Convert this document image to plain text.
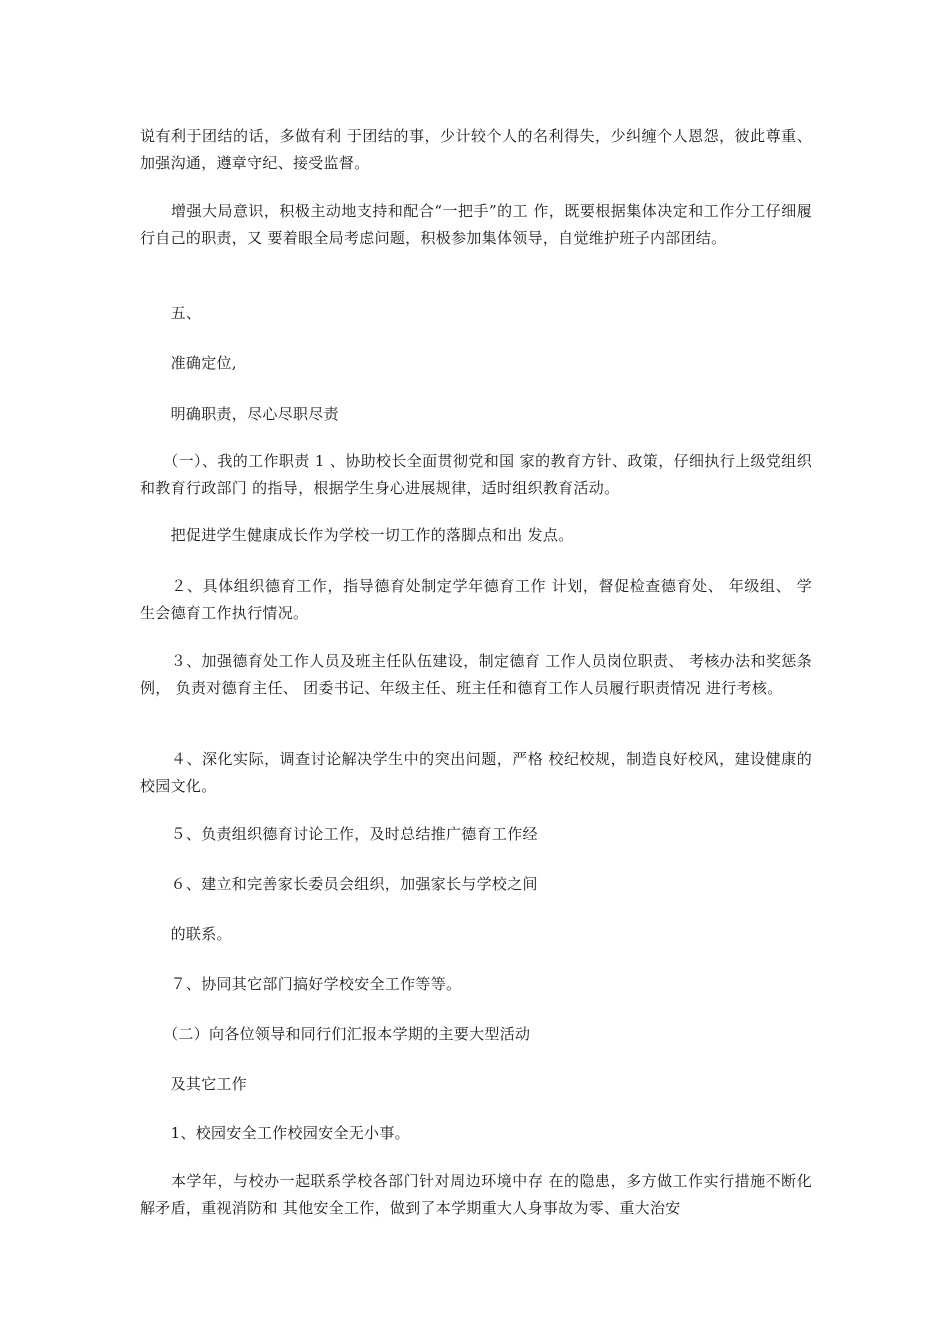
说有利于团结的话，多做有利 于团结的事，少计较个人的名利得失，少纠缠个人恩怨，彼此尊重、加强沟通，遵章守纪、接受监督。

　　增强大局意识，积极主动地支持和配合“一把手”的工 作，既要根据集体决定和工作分工仔细履行自己的职责，又 要着眼全局考虑问题，积极参加集体领导，自觉维护班子内部团结。

　　五、

　　准确定位,

　　明确职责，尽心尽职尽责

　　（一）、我的工作职责 1 、协助校长全面贯彻党和国 家的教育方针、政策，仔细执行上级党组织和教育行政部门 的指导，根据学生身心进展规律，适时组织教育活动。

　　把促进学生健康成长作为学校一切工作的落脚点和出 发点。

　　２、具体组织德育工作，指导德育处制定学年德育工作 计划，督促检查德育处、 年级组、 学生会德育工作执行情况。

　　３、加强德育处工作人员及班主任队伍建设，制定德育 工作人员岗位职责、 考核办法和奖惩条例， 负责对德育主任、 团委书记、年级主任、班主任和德育工作人员履行职责情况 进行考核。

　　４、深化实际，调查讨论解决学生中的突出问题，严格 校纪校规，制造良好校风，建设健康的校园文化。

　　５、负责组织德育讨论工作，及时总结推广德育工作经

　　６、建立和完善家长委员会组织，加强家长与学校之间

　　的联系。

　　７、协同其它部门搞好学校安全工作等等。

　　（二）向各位领导和同行们汇报本学期的主要大型活动

　　及其它工作

　　1、校园安全工作校园安全无小事。

　　本学年，与校办一起联系学校各部门针对周边环境中存 在的隐患，多方做工作实行措施不断化解矛盾，重视消防和 其他安全工作，做到了本学期重大人身事故为零、重大治安
